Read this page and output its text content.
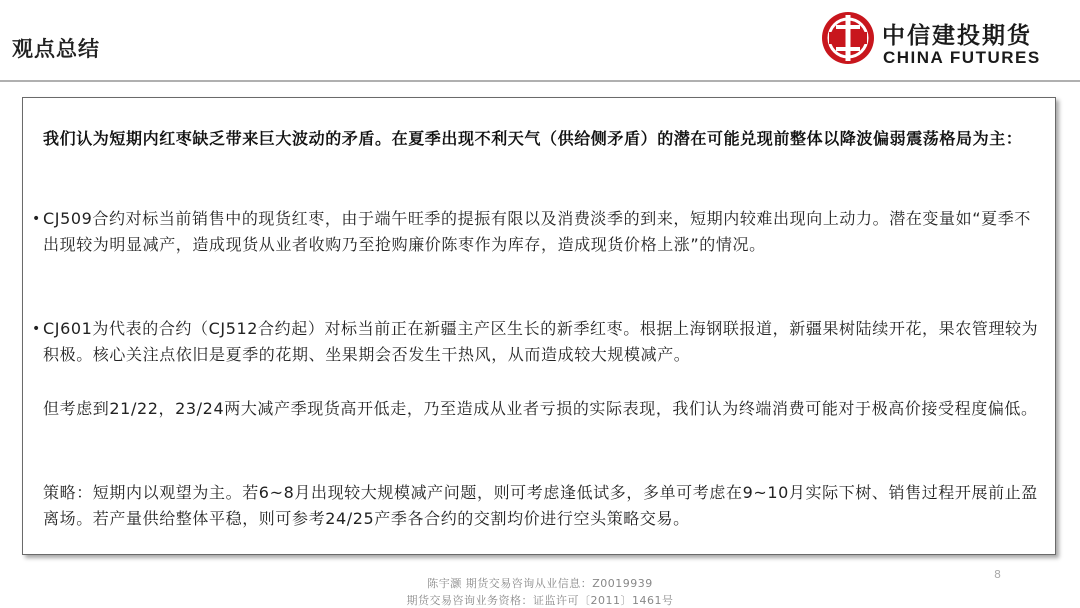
观点总结	中信建投期货
CHINA FUTURES
我们认为短期内红枣缺乏带来巨大波动的矛盾。在夏季出现不利天气（供给侧矛盾）的潜在可能兑现前整体以降波偏弱震荡格局为主：
• CJ509合约对标当前销售中的现货红枣，由于端午旺季的提振有限以及消费淡季的到来，短期内较难出现向上动力。潜在变量如“夏季不出现较为明显减产，造成现货从业者收购乃至抢购廉价陈枣作为库存，造成现货价格上涨”的情况。
• CJ601为代表的合约（CJ512合约起）对标当前正在新疆主产区生长的新季红枣。根据上海钢联报道，新疆果树陆续开花，果农管理较为积极。核心关注点依旧是夏季的花期、坐果期会否发生干热风，从而造成较大规模减产。
但考虑到21/22，23/24两大减产季现货高开低走，乃至造成从业者亏损的实际表现，我们认为终端消费可能对于极高价接受程度偏低。
策略：短期内以观望为主。若6~8月出现较大规模减产问题，则可考虑逢低试多，多单可考虑在9~10月实际下树、销售过程开展前止盈离场。若产量供给整体平稳，则可参考24/25产季各合约的交割均价进行空头策略交易。
8
陈宇灏 期货交易咨询从业信息：Z0019939
期货交易咨询业务资格：证监许可〔2011〕1461号
